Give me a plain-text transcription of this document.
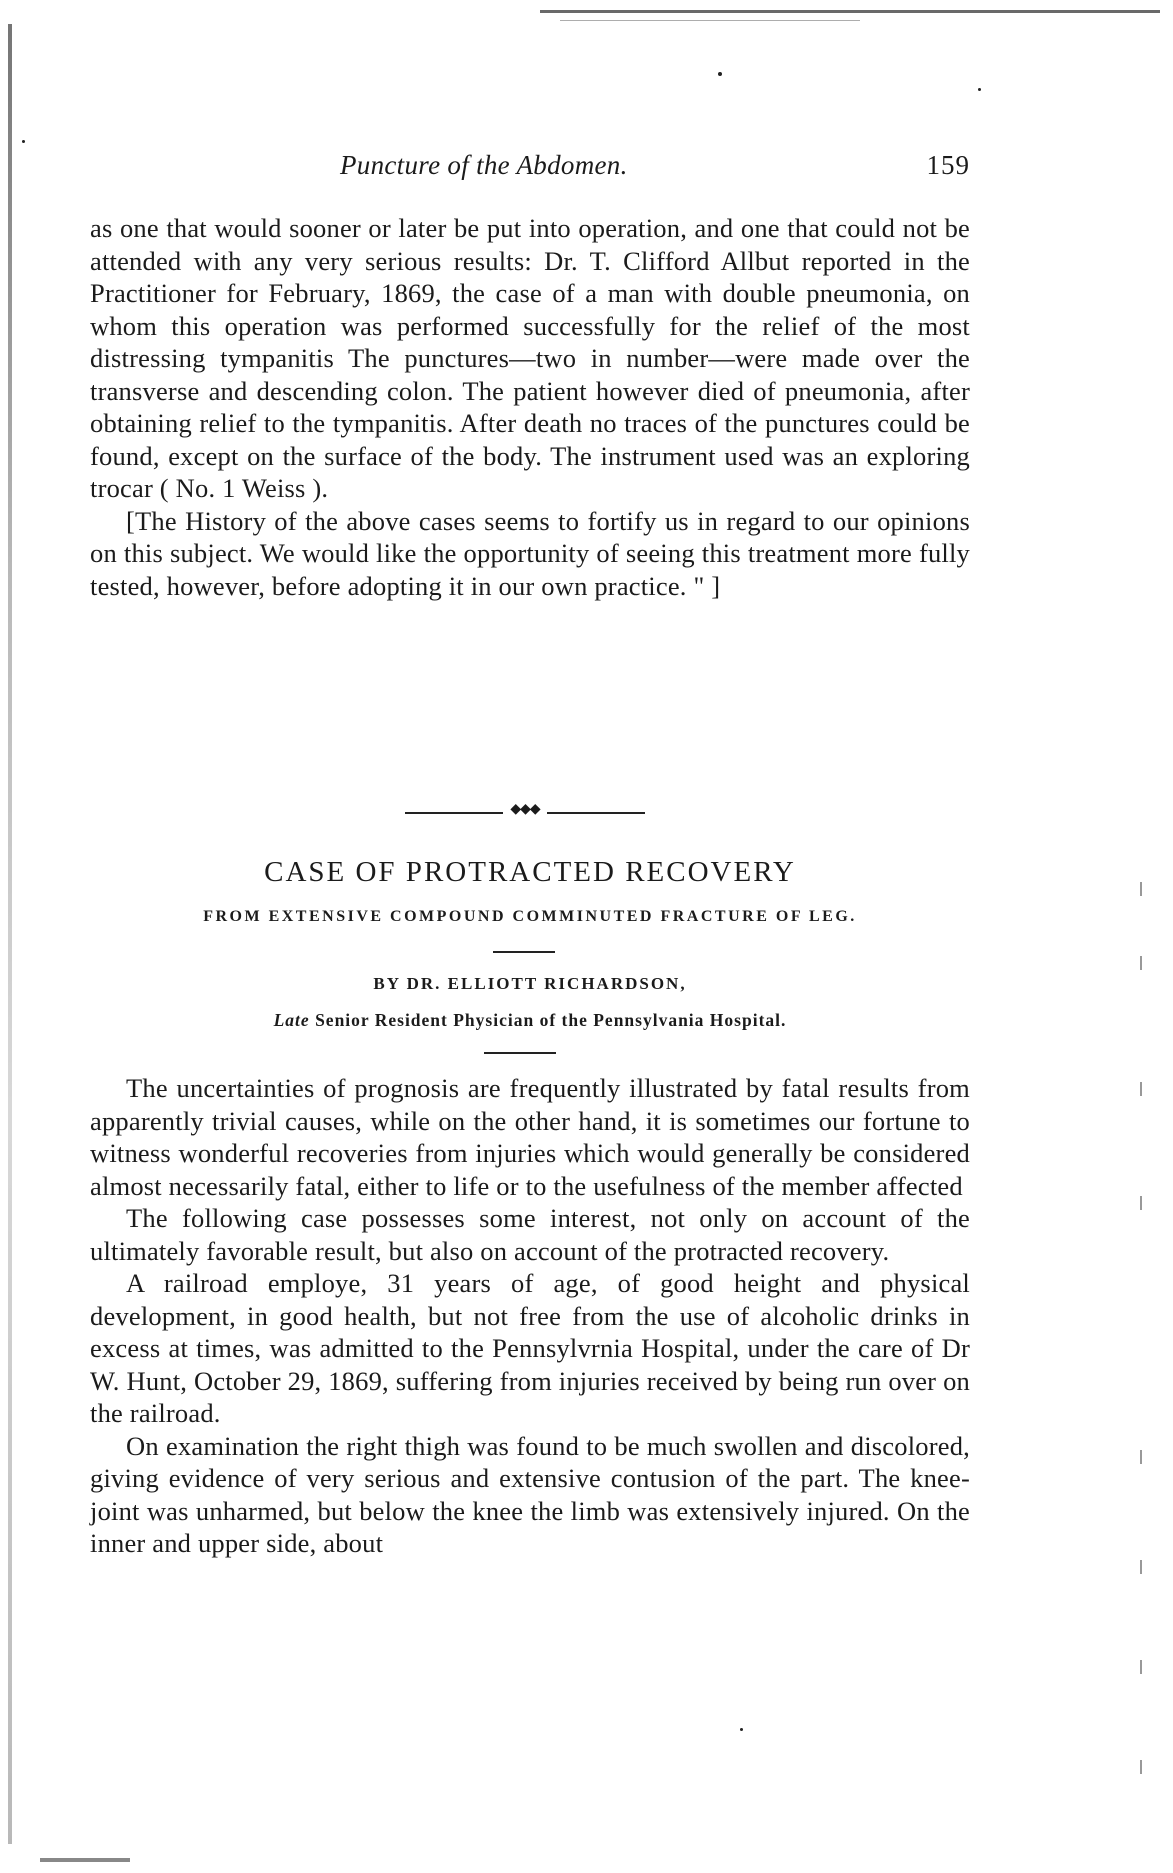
Puncture of the Abdomen.	159

as one that would sooner or later be put into operation, and one that could not be attended with any very serious results: Dr. T. Clifford Allbut reported in the Practitioner for February, 1869, the case of a man with double pneumonia, on whom this operation was performed successfully for the relief of the most distressing tympanitis The punctures—two in number—were made over the transverse and descending colon. The patient however died of pneumonia, after obtaining relief to the tympanitis. After death no traces of the punctures could be found, except on the surface of the body. The instrument used was an exploring trocar ( No. 1 Weiss ).

[The History of the above cases seems to fortify us in regard to our opinions on this subject. We would like the opportunity of seeing this treatment more fully tested, however, before adopting it in our own practice. " ]

◆◆◆
CASE OF PROTRACTED RECOVERY
FROM EXTENSIVE COMPOUND COMMINUTED FRACTURE OF LEG.
BY DR. ELLIOTT RICHARDSON,
Late Senior Resident Physician of the Pennsylvania Hospital.

The uncertainties of prognosis are frequently illustrated by fatal results from apparently trivial causes, while on the other hand, it is sometimes our fortune to witness wonderful recoveries from injuries which would generally be considered almost necessarily fatal, either to life or to the usefulness of the member affected

The following case possesses some interest, not only on account of the ultimately favorable result, but also on account of the protracted recovery.

A railroad employe, 31 years of age, of good height and physical development, in good health, but not free from the use of alcoholic drinks in excess at times, was admitted to the Pennsylvrnia Hospital, under the care of Dr W. Hunt, October 29, 1869, suffering from injuries received by being run over on the railroad.

On examination the right thigh was found to be much swollen and discolored, giving evidence of very serious and extensive contusion of the part. The knee-joint was unharmed, but below the knee the limb was extensively injured. On the inner and upper side, about
